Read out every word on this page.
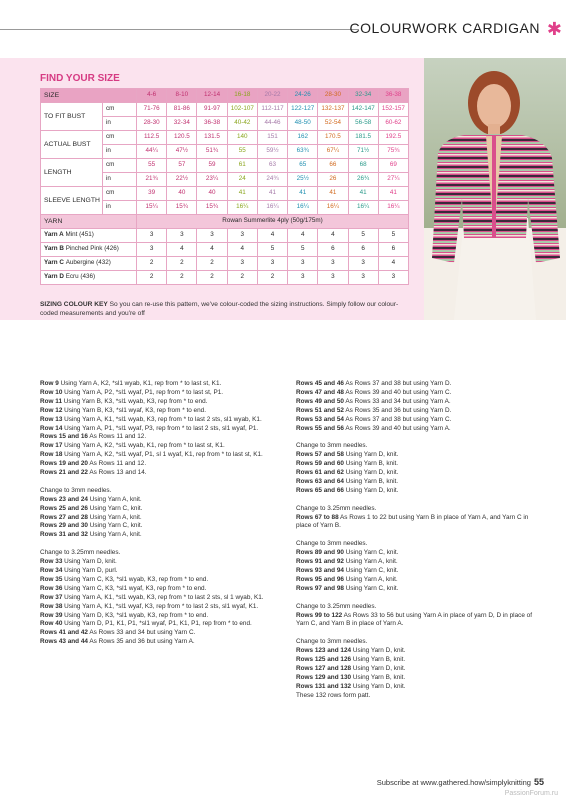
COLOURWORK CARDIGAN ✱
FIND YOUR SIZE
SIZE		4-6	8-10	12-14	16-18	20-22	24-26	28-30	32-34	36-38
TO FIT BUST	cm	71-76	81-86	91-97	102-107	112-117	122-127	132-137	142-147	152-157
	in	28-30	32-34	36-38	40-42	44-46	48-50	52-54	56-58	60-62
ACTUAL BUST	cm	112.5	120.5	131.5	140	151	162	170.5	181.5	192.5
	in	44¼	47½	51¾	55	59½	63¾	67¼	71½	75¾
LENGTH	cm	55	57	59	61	63	65	66	68	69
	in	21¾	22½	23¼	24	24¾	25½	26	26¾	27¼
SLEEVE LENGTH	cm	39	40	40	41	41	41	41	41	41
	in	15¼	15¾	15¾	16¼	16¼	16¼	16¼	16¼	16¼
YARN		Rowan Summerlite 4ply (50g/175m)								
Yarn A Mint (451)		3	3	3	3	4	4	4	5	5
Yarn B Pinched Pink (426)		3	4	4	4	5	5	6	6	6
Yarn C Aubergine (432)		2	2	2	3	3	3	3	3	4
Yarn D Ecru (436)		2	2	2	2	2	3	3	3	3
SIZING COLOUR KEY So you can re-use this pattern, we've colour-coded the sizing instructions. Simply follow our colour-coded measurements and you're off

Row 9 Using Yarn A, K2, *sl1 wyab, K1, rep from * to last st, K1.

Row 10 Using Yarn A, P2, *sl1 wyaf, P1, rep from * to last st, P1.

Row 11 Using Yarn B, K3, *sl1 wyab, K3, rep from * to end.

Row 12 Using Yarn B, K3, *sl1 wyaf, K3, rep from * to end.

Row 13 Using Yarn A, K1, *sl1 wyab, K3, rep from * to last 2 sts, sl1 wyab, K1.

Row 14 Using Yarn A, P1, *sl1 wyaf, P3, rep from * to last 2 sts, sl1 wyaf, P1.

Rows 15 and 16 As Rows 11 and 12.

Row 17 Using Yarn A, K2, *sl1 wyab, K1, rep from * to last st, K1.

Row 18 Using Yarn A, K2, *sl1 wyaf, P1, sl 1 wyaf, K1, rep from * to last st, K1.

Rows 19 and 20 As Rows 11 and 12.

Rows 21 and 22 As Rows 13 and 14.

Change to 3mm needles.

Rows 23 and 24 Using Yarn A, knit.

Rows 25 and 26 Using Yarn C, knit.

Rows 27 and 28 Using Yarn A, knit.

Rows 29 and 30 Using Yarn C, knit.

Rows 31 and 32 Using Yarn A, knit.

Change to 3.25mm needles.

Row 33 Using Yarn D, knit.

Row 34 Using Yarn D, purl.

Row 35 Using Yarn C, K3, *sl1 wyab, K3, rep from * to end.

Row 36 Using Yarn C, K3, *sl1 wyaf, K3, rep from * to end.

Row 37 Using Yarn A, K1, *sl1 wyab, K3, rep from * to last 2 sts, sl 1 wyab, K1.

Row 38 Using Yarn A, K1, *sl1 wyaf, K3, rep from * to last 2 sts, sl1 wyaf, K1.

Row 39 Using Yarn D, K3, *sl1 wyab, K3, rep from * to end.

Row 40 Using Yarn D, P1, K1, P1, *sl1 wyaf, P1, K1, P1, rep from * to end.

Rows 41 and 42 As Rows 33 and 34 but using Yarn C.

Rows 43 and 44 As Rows 35 and 36 but using Yarn A.

Rows 45 and 46 As Rows 37 and 38 but using Yarn D.

Rows 47 and 48 As Rows 39 and 40 but using Yarn C.

Rows 49 and 50 As Rows 33 and 34 but using Yarn A.

Rows 51 and 52 As Rows 35 and 36 but using Yarn D.

Rows 53 and 54 As Rows 37 and 38 but using Yarn C.

Rows 55 and 56 As Rows 39 and 40 but using Yarn A.

Change to 3mm needles.

Rows 57 and 58 Using Yarn D, knit.

Rows 59 and 60 Using Yarn B, knit.

Rows 61 and 62 Using Yarn D, knit.

Rows 63 and 64 Using Yarn B, knit.

Rows 65 and 66 Using Yarn D, knit.

Change to 3.25mm needles.

Rows 67 to 88 As Rows 1 to 22 but using Yarn B in place of Yarn A, and Yarn C in place of Yarn B.

Change to 3mm needles.

Rows 89 and 90 Using Yarn C, knit.

Rows 91 and 92 Using Yarn A, knit.

Rows 93 and 94 Using Yarn C, knit.

Rows 95 and 96 Using Yarn A, knit.

Rows 97 and 98 Using Yarn C, knit.

Change to 3.25mm needles.

Rows 99 to 122 As Rows 33 to 56 but using Yarn A in place of yarn D, D in place of Yarn C, and Yarn B in place of Yarn A.

Change to 3mm needles.

Rows 123 and 124 Using Yarn D, knit.

Rows 125 and 126 Using Yarn B, knit.

Rows 127 and 128 Using Yarn D, knit.

Rows 129 and 130 Using Yarn B, knit.

Rows 131 and 132 Using Yarn D, knit.

These 132 rows form patt.

Subscribe at www.gathered.how/simplyknitting 55
PassionForum.ru
